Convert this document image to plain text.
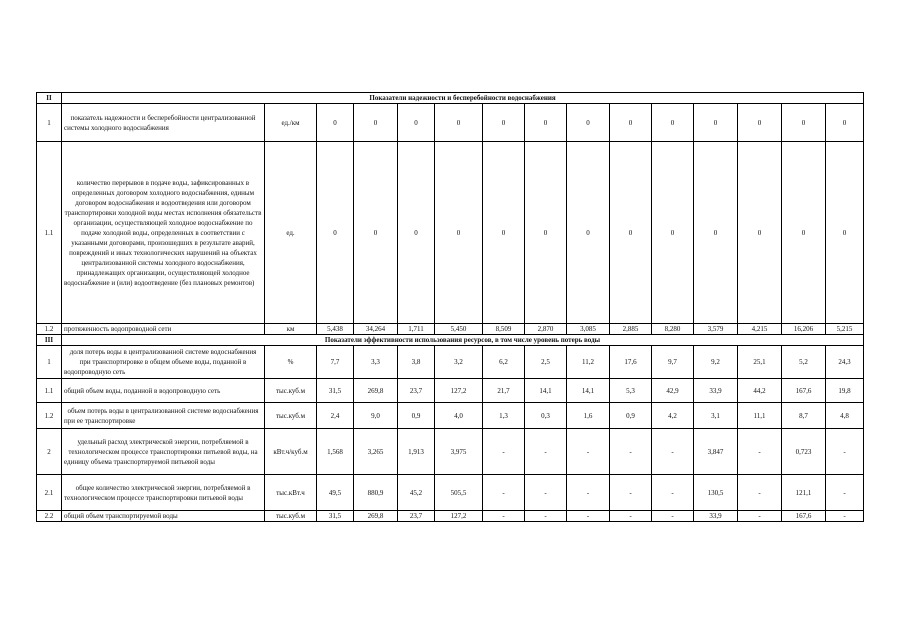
II	Показатели надежности и бесперебойности водоснабжения														
1	показатель надежности и бесперебойности централизованной системы холодного водоснабжения	ед./км	0	0	0	0	0	0	0	0	0	0	0	0	0
1.1	количество перерывов в подаче воды, зафиксированных в определенных договором холодного водоснабжения, единым договором водоснабжения и водоотведения или договором транспортировки холодной воды местах исполнения обязательств организации, осуществляющей холодное водоснабжение по подаче холодной воды, определенных в соответствии с указанными договорами, произошедших в результате аварий, повреждений и иных технологических нарушений на объектах централизованной системы холодного водоснабжения, принадлежащих организации, осуществляющей холодное водоснабжение и (или) водоотведение (без плановых ремонтов)	ед.	0	0	0	0	0	0	0	0	0	0	0	0	0
1.2	протяженность водопроводной сети	км	5,438	34,264	1,711	5,450	8,509	2,870	3,085	2,885	8,280	3,579	4,215	16,206	5,215
III	Показатели эффективности использования ресурсов, в том числе уровень потерь воды														
1	доля потерь воды в централизованной системе водоснабжения при транспортировке в общем объеме воды, поданной в водопроводную сеть	%	7,7	3,3	3,8	3,2	6,2	2,5	11,2	17,6	9,7	9,2	25,1	5,2	24,3
1.1	общий объем воды, поданной в водопроводную сеть	тыс.куб.м	31,5	269,8	23,7	127,2	21,7	14,1	14,1	5,3	42,9	33,9	44,2	167,6	19,8
1.2	объем потерь воды в централизованной системе водоснабжения при ее транспортировке	тыс.куб.м	2,4	9,0	0,9	4,0	1,3	0,3	1,6	0,9	4,2	3,1	11,1	8,7	4,8
2	удельный расход электрической энергии, потребляемой в технологическом процессе транспортировки питьевой воды, на единицу объема транспортируемой питьевой воды	кВт.ч/куб.м	1,568	3,265	1,913	3,975	-	-	-	-	-	3,847	-	0,723	-
2.1	общее количество электрической энергии, потребляемой в технологическом процессе транспортировки питьевой воды	тыс.кВт.ч	49,5	880,9	45,2	505,5	-	-	-	-	-	130,5	-	121,1	-
2.2	общий объем транспортируемой воды	тыс.куб.м	31,5	269,8	23,7	127,2	-	-	-	-	-	33,9	-	167,6	-
